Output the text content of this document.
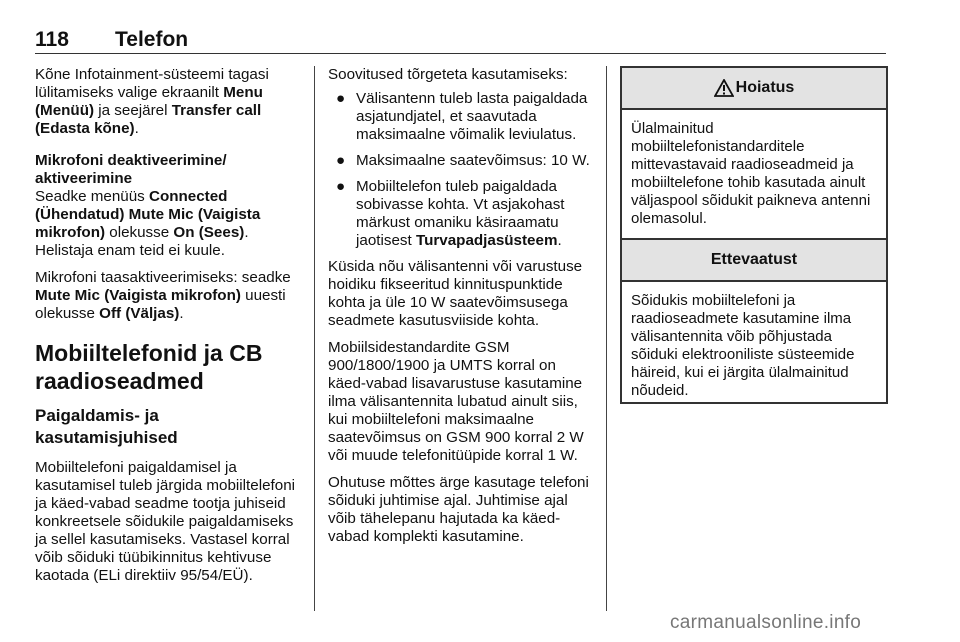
118 Telefon

Kõne Infotainment-süsteemi tagasi lülitamiseks valige ekraanilt Menu (Menüü) ja seejärel Transfer call (Edasta kõne).

Mikrofoni deaktiveerimine/ aktiveerimine

Seadke menüüs Connected (Ühendatud) Mute Mic (Vaigista mikrofon) olekusse On (Sees). Helistaja enam teid ei kuule.

Mikrofoni taasaktiveerimiseks: seadke Mute Mic (Vaigista mikrofon) uuesti olekusse Off (Väljas).

Mobiiltelefonid ja CB raadioseadmed
Paigaldamis- ja kasutamisjuhised

Mobiiltelefoni paigaldamisel ja kasutamisel tuleb järgida mobiiltelefoni ja käed-vabad seadme tootja juhiseid konkreetsele sõidukile paigaldamiseks ja sellel kasutamiseks. Vastasel korral võib sõiduki tüübikinnitus kehtivuse kaotada (ELi direktiiv 95/54/EÜ).

Soovitused tõrgeteta kasutamiseks:

● Välisantenn tuleb lasta paigaldada asjatundjatel, et saavutada maksimaalne võimalik leviulatus.
● Maksimaalne saatevõimsus: 10 W.
● Mobiiltelefon tuleb paigaldada sobivasse kohta. Vt asjakohast märkust omaniku käsiraamatu jaotisest Turvapadjasüsteem.

Küsida nõu välisantenni või varustuse hoidiku fikseeritud kinnituspunktide kohta ja üle 10 W saatevõimsusega seadmete kasutusviiside kohta.

Mobiilsidestandardite GSM 900/1800/1900 ja UMTS korral on käed-vabad lisavarustuse kasutamine ilma välisantennita lubatud ainult siis, kui mobiiltelefoni maksimaalne saatevõimsus on GSM 900 korral 2 W või muude telefonitüüpide korral 1 W.

Ohutuse mõttes ärge kasutage telefoni sõiduki juhtimise ajal. Juhtimise ajal võib tähelepanu hajutada ka käed-vabad komplekti kasutamine.

Hoiatus
Ülalmainitud mobiiltelefonistandarditele mittevastavaid raadioseadmeid ja mobiiltelefone tohib kasutada ainult väljaspool sõidukit paikneva antenni olemasolul.
Ettevaatust
Sõidukis mobiiltelefoni ja raadioseadmete kasutamine ilma välisantennita võib põhjustada sõiduki elektrooniliste süsteemide häireid, kui ei järgita ülalmainitud nõudeid.
carmanualsonline.info
